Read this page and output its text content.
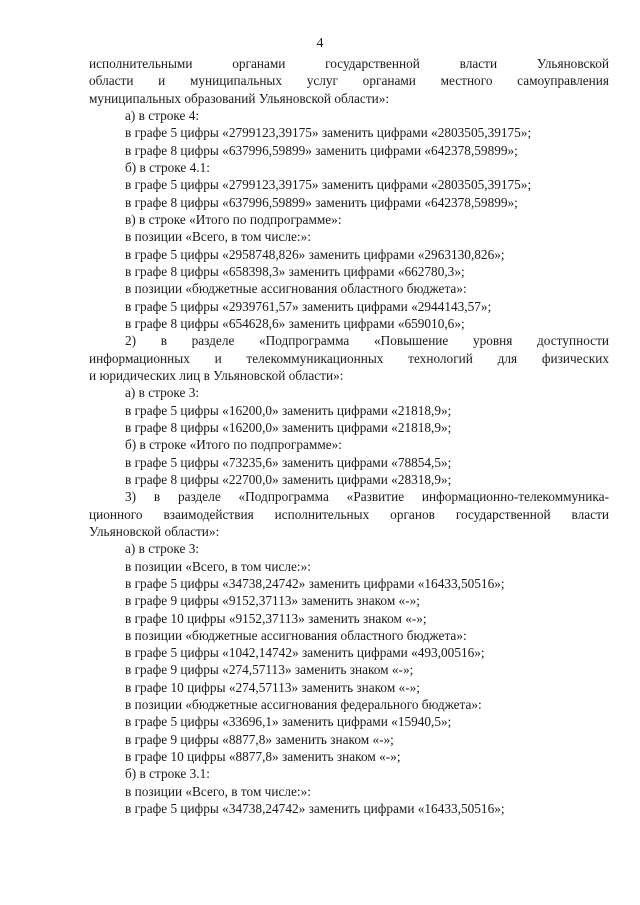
4
исполнительными органами государственной власти Ульяновской
области и муниципальных услуг органами местного самоуправления
муниципальных образований Ульяновской области»:
а) в строке 4:
в графе 5 цифры «2799123,39175» заменить цифрами «2803505,39175»;
в графе 8 цифры «637996,59899» заменить цифрами «642378,59899»;
б) в строке 4.1:
в графе 5 цифры «2799123,39175» заменить цифрами «2803505,39175»;
в графе 8 цифры «637996,59899» заменить цифрами «642378,59899»;
в) в строке «Итого по подпрограмме»:
в позиции «Всего, в том числе:»:
в графе 5 цифры «2958748,826» заменить цифрами «2963130,826»;
в графе 8 цифры «658398,3» заменить цифрами «662780,3»;
в позиции «бюджетные ассигнования областного бюджета»:
в графе 5 цифры «2939761,57» заменить цифрами «2944143,57»;
в графе 8 цифры «654628,6» заменить цифрами «659010,6»;
2) в разделе «Подпрограмма «Повышение уровня доступности
информационных и телекоммуникационных технологий для физических
и юридических лиц в Ульяновской области»:
а) в строке 3:
в графе 5 цифры «16200,0» заменить цифрами «21818,9»;
в графе 8 цифры «16200,0» заменить цифрами «21818,9»;
б) в строке «Итого по подпрограмме»:
в графе 5 цифры «73235,6» заменить цифрами «78854,5»;
в графе 8 цифры «22700,0» заменить цифрами «28318,9»;
3) в разделе «Подпрограмма «Развитие информационно-телекоммуника-
ционного взаимодействия исполнительных органов государственной власти
Ульяновской области»:
а) в строке 3:
в позиции «Всего, в том числе:»:
в графе 5 цифры «34738,24742» заменить цифрами «16433,50516»;
в графе 9 цифры «9152,37113» заменить знаком «-»;
в графе 10 цифры «9152,37113» заменить знаком «-»;
в позиции «бюджетные ассигнования областного бюджета»:
в графе 5 цифры «1042,14742» заменить цифрами «493,00516»;
в графе 9 цифры «274,57113» заменить знаком «-»;
в графе 10 цифры «274,57113» заменить знаком «-»;
в позиции «бюджетные ассигнования федерального бюджета»:
в графе 5 цифры «33696,1» заменить цифрами «15940,5»;
в графе 9 цифры «8877,8» заменить знаком «-»;
в графе 10 цифры «8877,8» заменить знаком «-»;
б) в строке 3.1:
в позиции «Всего, в том числе:»:
в графе 5 цифры «34738,24742» заменить цифрами «16433,50516»;
